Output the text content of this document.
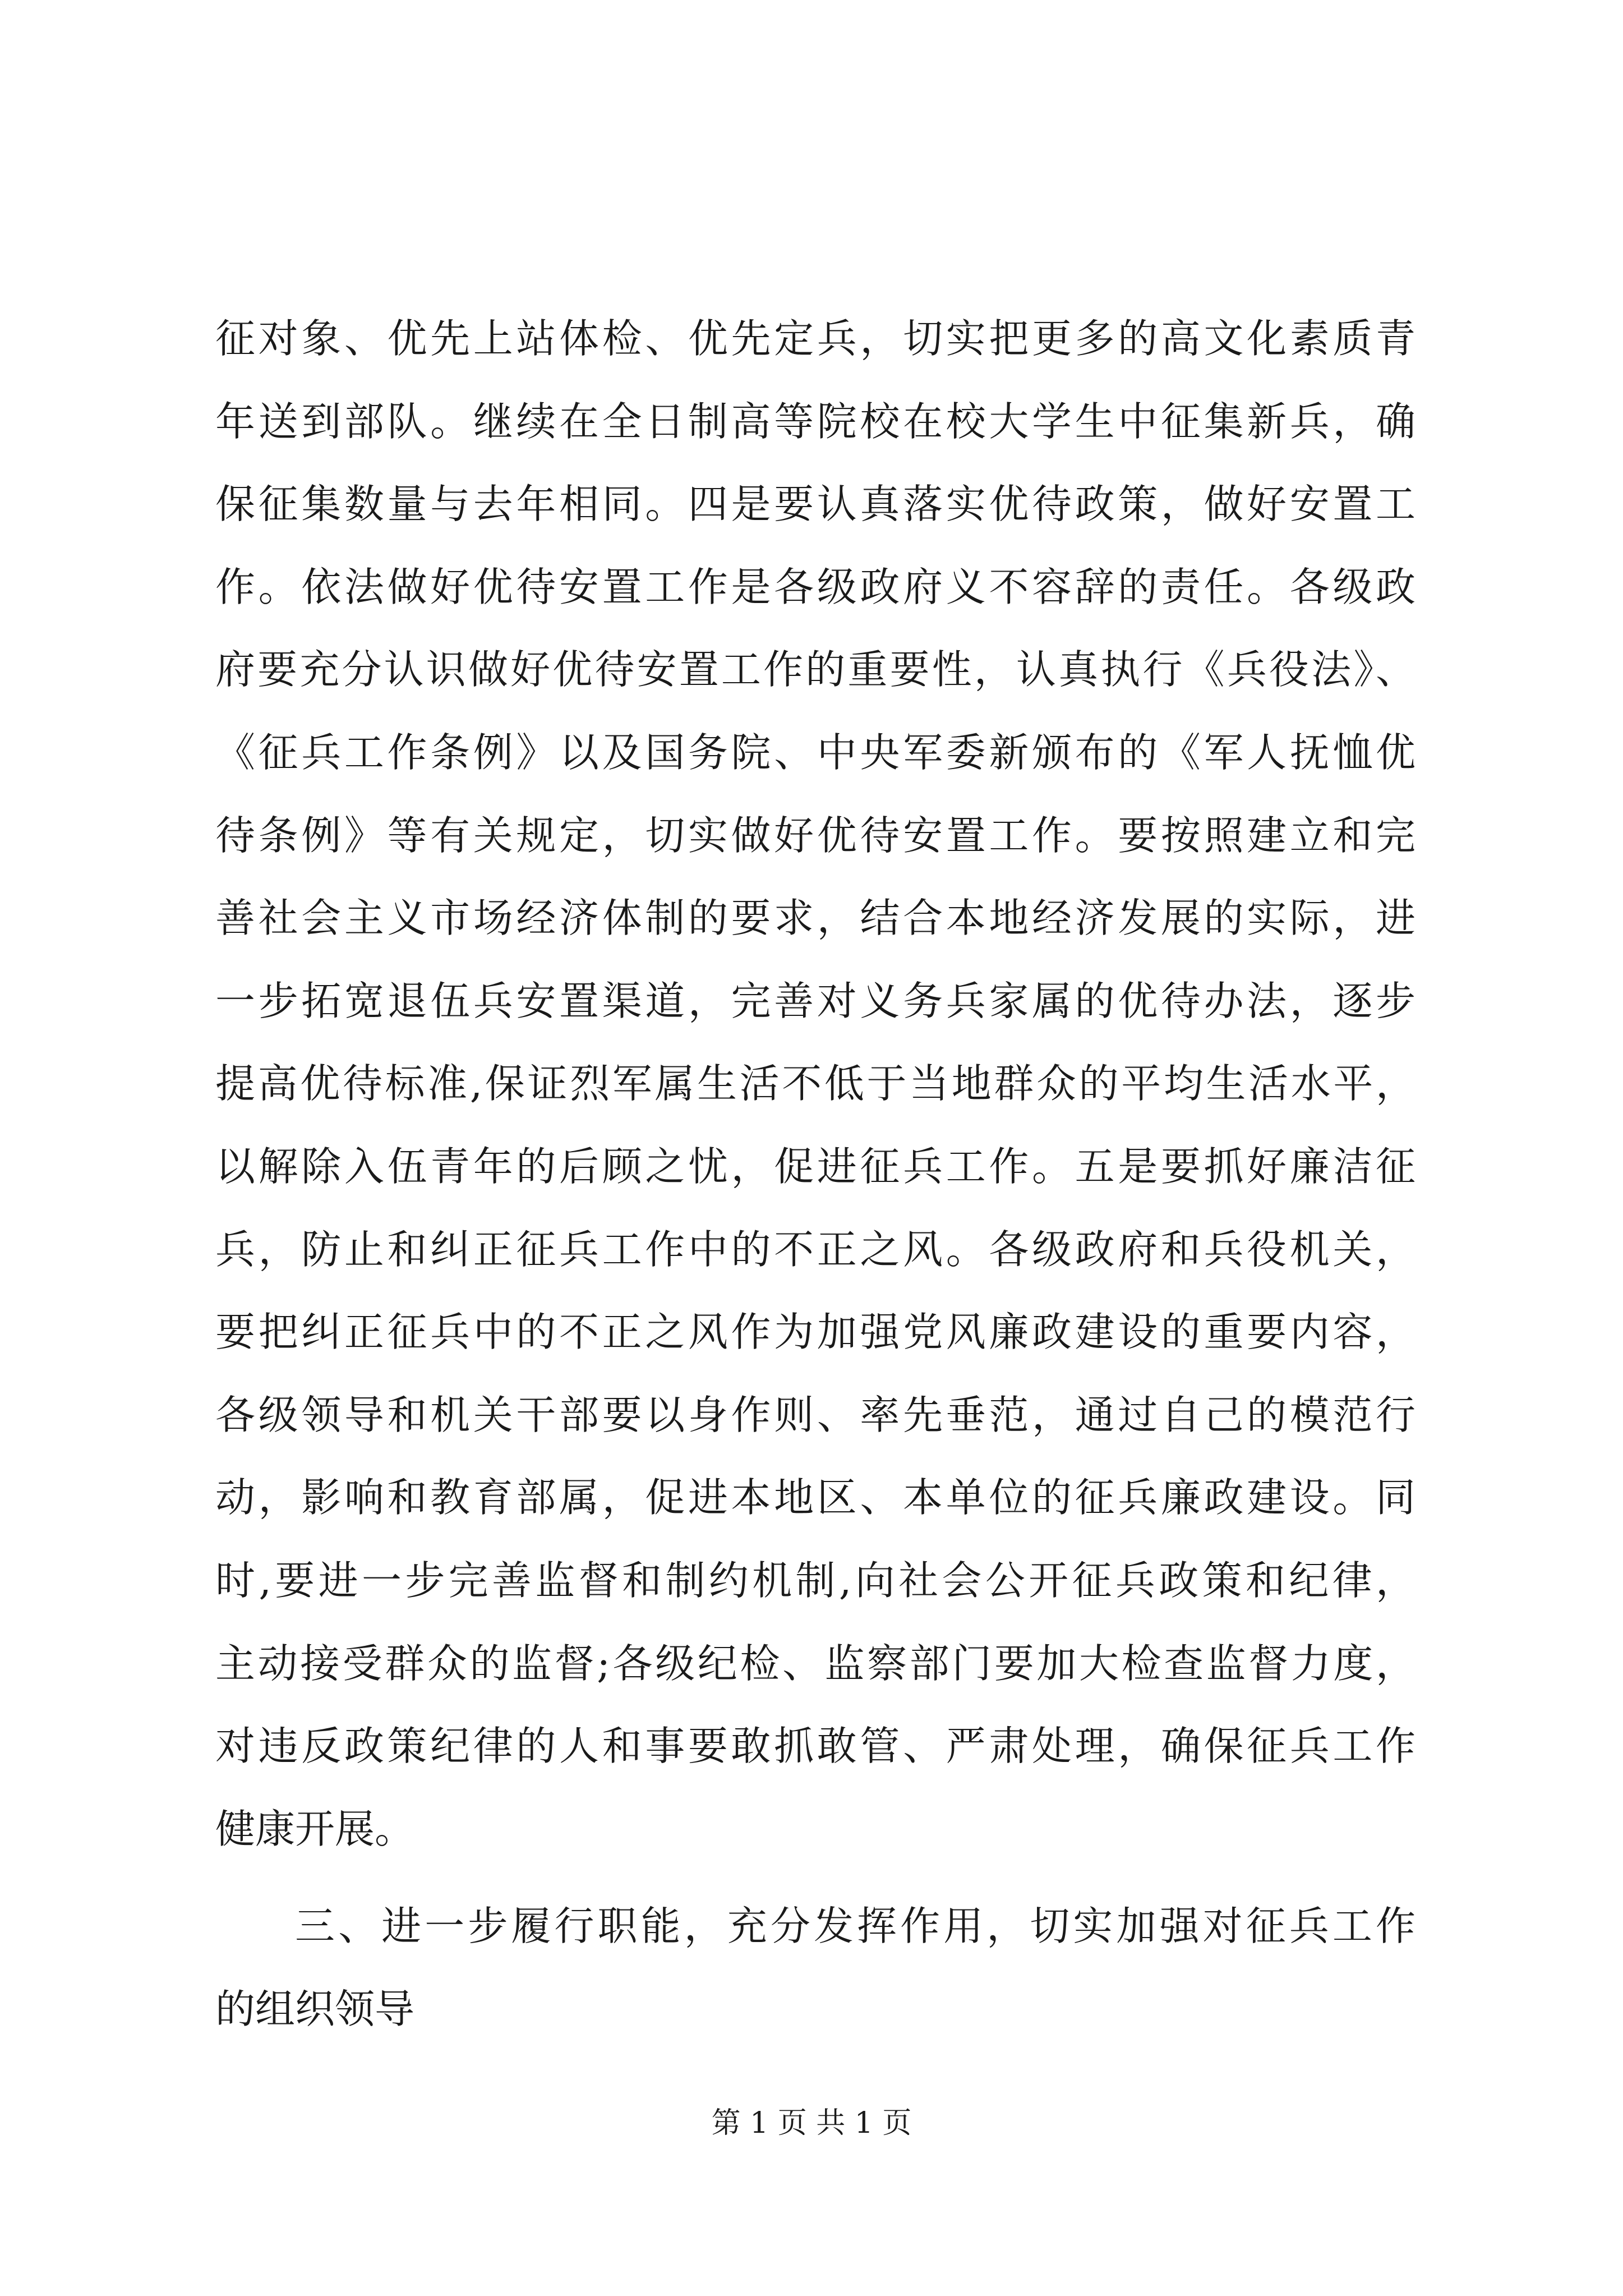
征对象、优先上站体检、优先定兵，切实把更多的高文化素质青
年送到部队。继续在全日制高等院校在校大学生中征集新兵，确
保征集数量与去年相同。四是要认真落实优待政策，做好安置工
作。依法做好优待安置工作是各级政府义不容辞的责任。各级政
府要充分认识做好优待安置工作的重要性，认真执行《兵役法》、
《征兵工作条例》以及国务院、中央军委新颁布的《军人抚恤优
待条例》等有关规定，切实做好优待安置工作。要按照建立和完
善社会主义市场经济体制的要求，结合本地经济发展的实际，进
一步拓宽退伍兵安置渠道，完善对义务兵家属的优待办法，逐步
提高优待标准,保证烈军属生活不低于当地群众的平均生活水平，
以解除入伍青年的后顾之忧，促进征兵工作。五是要抓好廉洁征
兵，防止和纠正征兵工作中的不正之风。各级政府和兵役机关，
要把纠正征兵中的不正之风作为加强党风廉政建设的重要内容，
各级领导和机关干部要以身作则、率先垂范，通过自己的模范行
动，影响和教育部属，促进本地区、本单位的征兵廉政建设。同
时,要进一步完善监督和制约机制,向社会公开征兵政策和纪律，
主动接受群众的监督;各级纪检、监察部门要加大检查监督力度，
对违反政策纪律的人和事要敢抓敢管、严肃处理，确保征兵工作
健康开展。
三、进一步履行职能，充分发挥作用，切实加强对征兵工作
的组织领导
第 1 页 共 1 页
